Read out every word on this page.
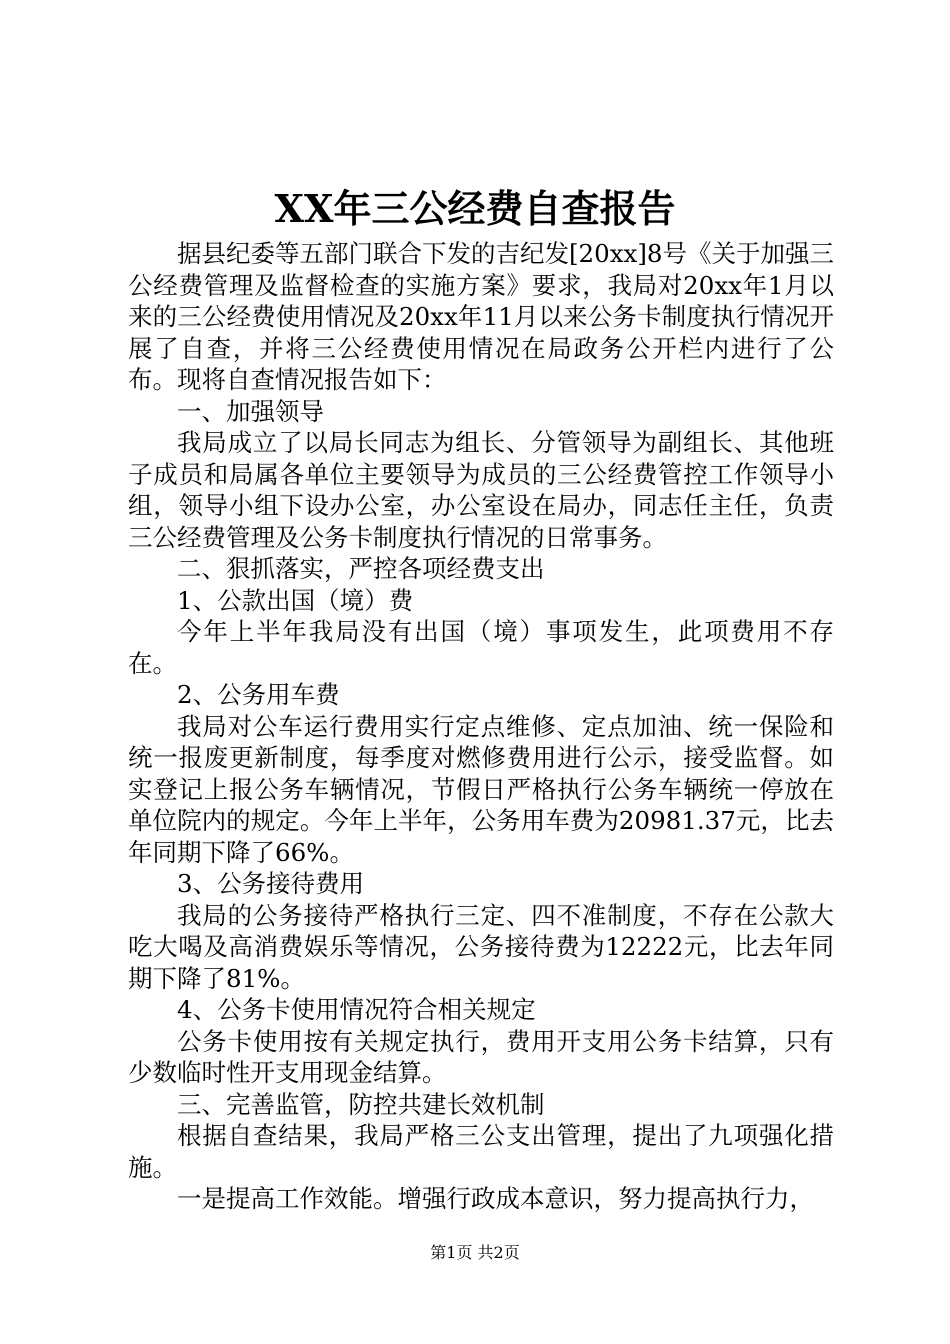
XX年三公经费自查报告

据县纪委等五部门联合下发的吉纪发[20xx]8号《关于加强三公经费管理及监督检查的实施方案》要求，我局对20xx年1月以来的三公经费使用情况及20xx年11月以来公务卡制度执行情况开展了自查，并将三公经费使用情况在局政务公开栏内进行了公布。现将自查情况报告如下：

一、加强领导

我局成立了以局长同志为组长、分管领导为副组长、其他班子成员和局属各单位主要领导为成员的三公经费管控工作领导小组，领导小组下设办公室，办公室设在局办，同志任主任，负责三公经费管理及公务卡制度执行情况的日常事务。

二、狠抓落实，严控各项经费支出

1、公款出国（境）费

今年上半年我局没有出国（境）事项发生，此项费用不存在。

2、公务用车费

我局对公车运行费用实行定点维修、定点加油、统一保险和统一报废更新制度，每季度对燃修费用进行公示，接受监督。如实登记上报公务车辆情况，节假日严格执行公务车辆统一停放在单位院内的规定。今年上半年，公务用车费为20981.37元，比去年同期下降了66%。

3、公务接待费用

我局的公务接待严格执行三定、四不准制度，不存在公款大吃大喝及高消费娱乐等情况，公务接待费为12222元，比去年同期下降了81%。

4、公务卡使用情况符合相关规定

公务卡使用按有关规定执行，费用开支用公务卡结算，只有少数临时性开支用现金结算。

三、完善监管，防控共建长效机制

根据自查结果，我局严格三公支出管理，提出了九项强化措施。

一是提高工作效能。增强行政成本意识，努力提高执行力，

第1页 共2页
